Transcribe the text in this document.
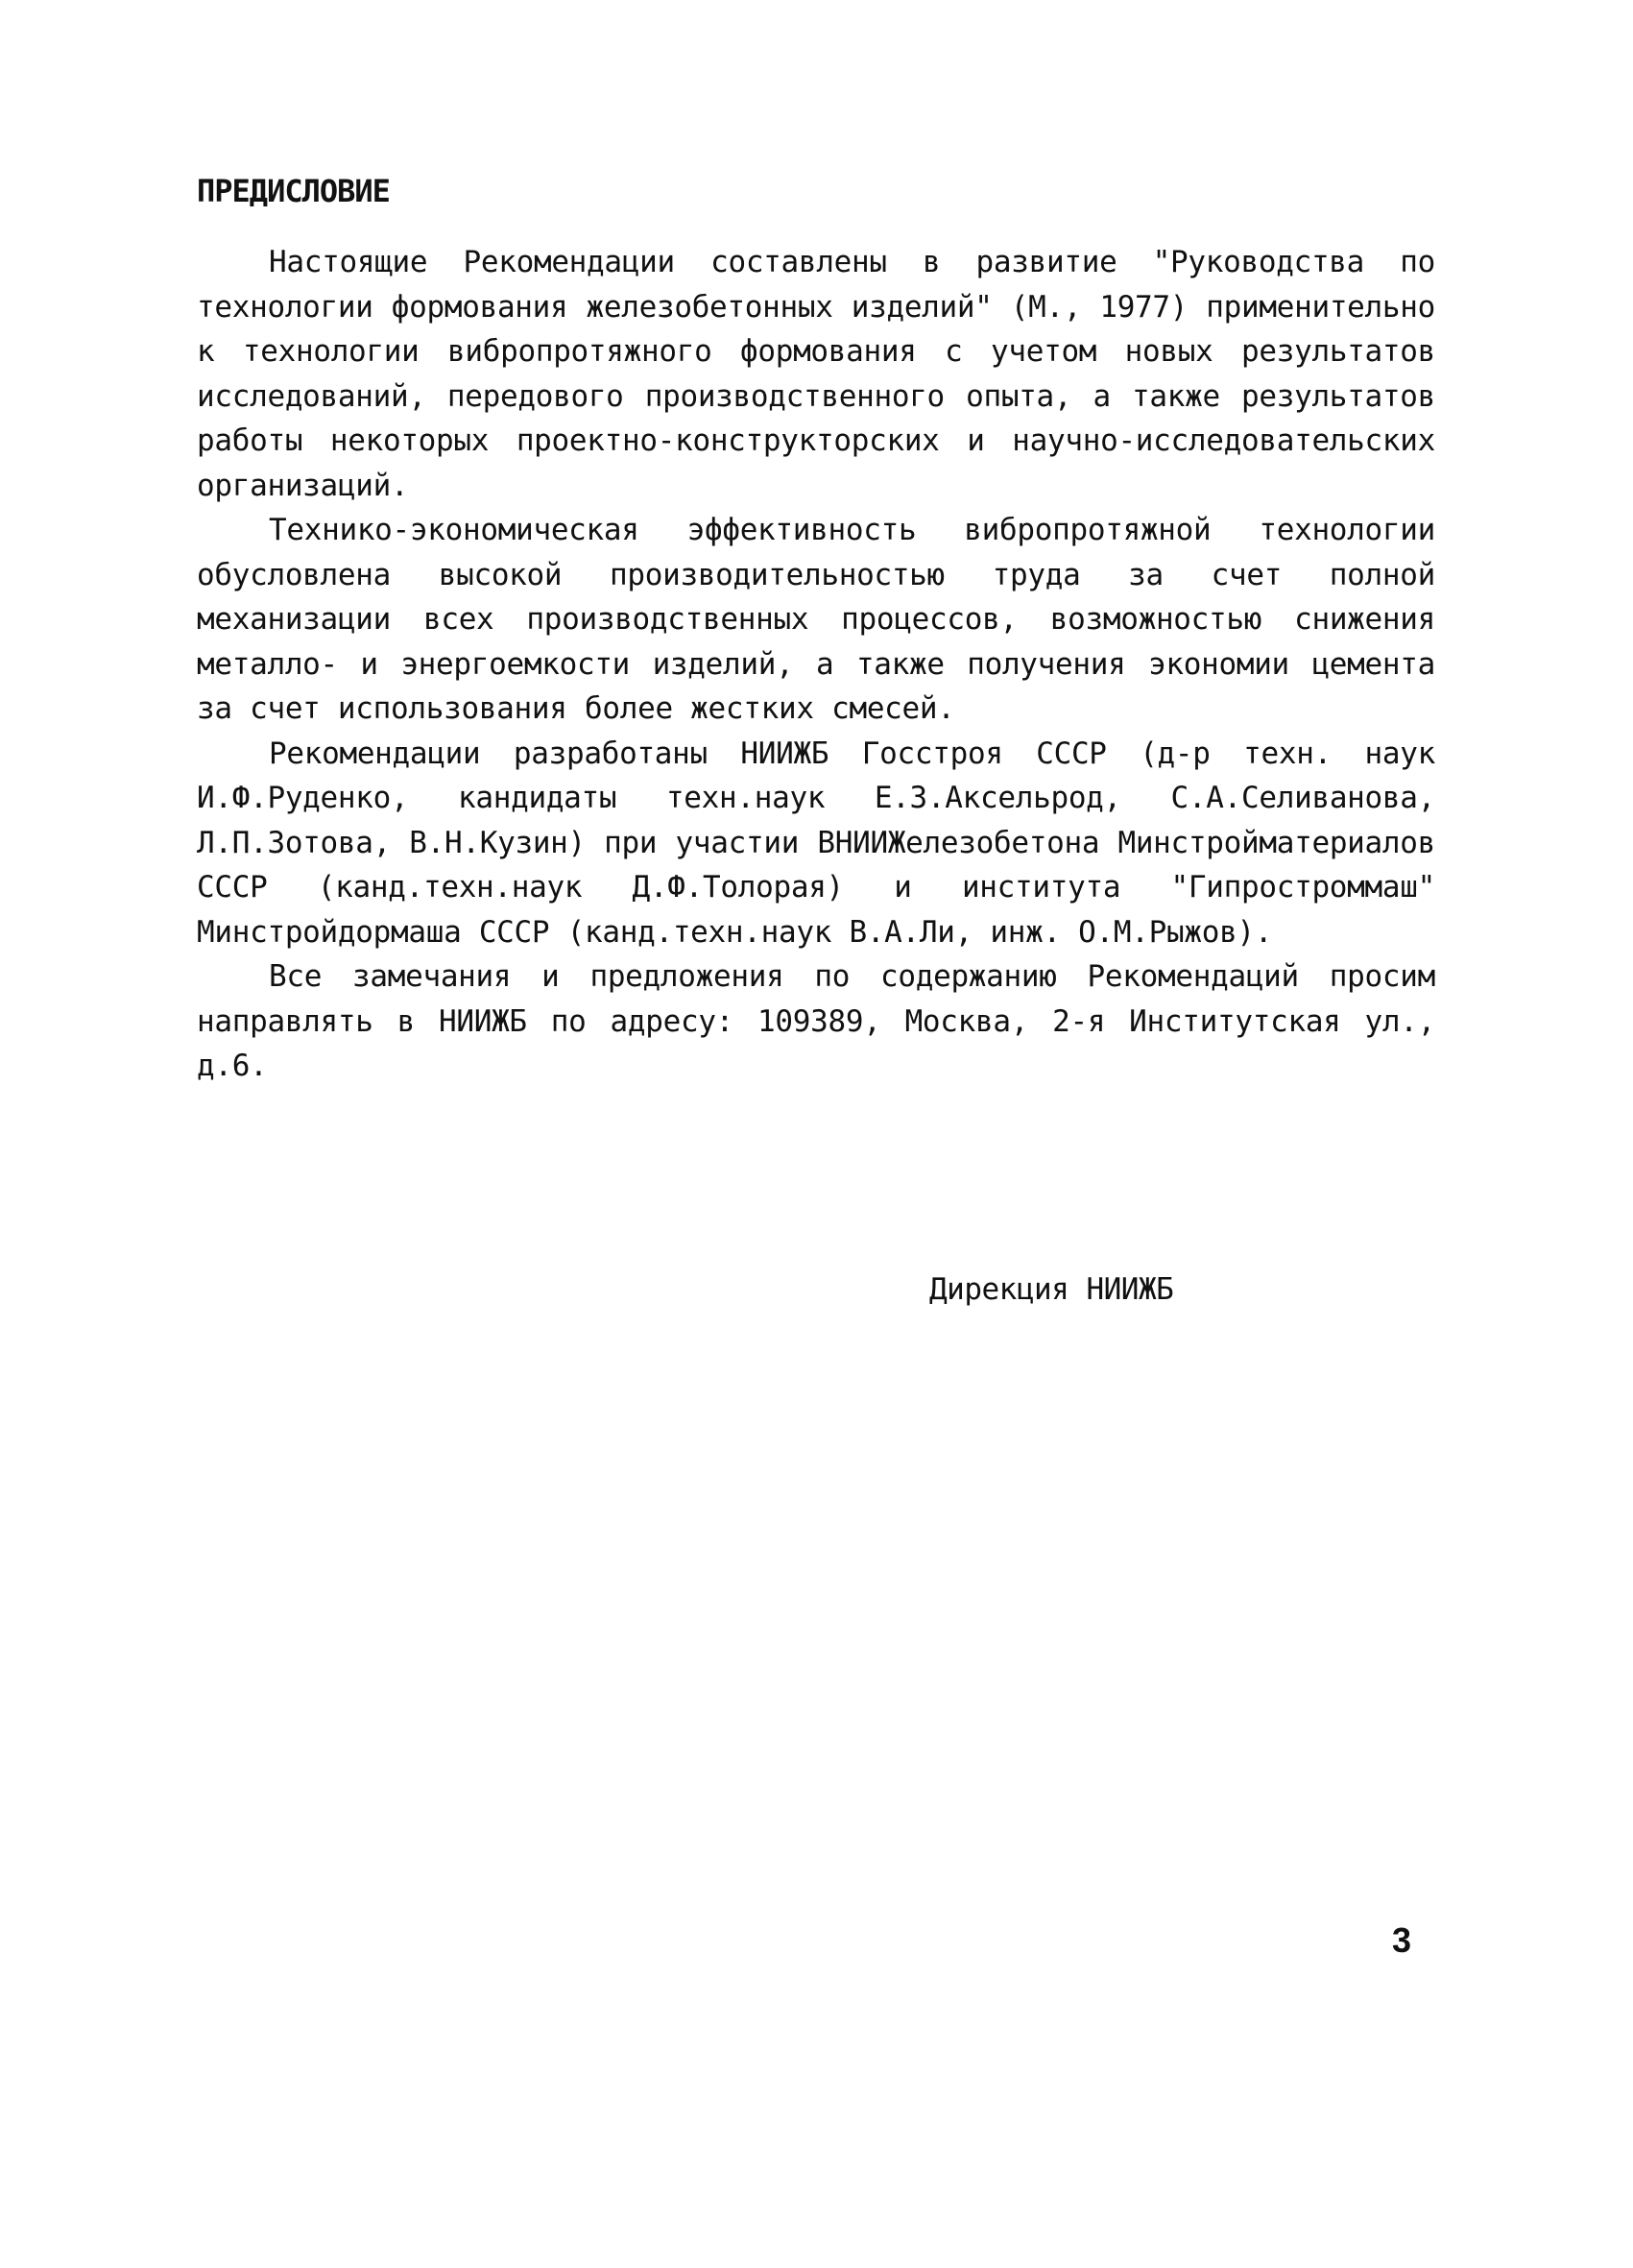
ПРЕДИСЛОВИЕ

Настоящие Рекомендации составлены в развитие "Руководства по технологии формования железобетонных изделий" (М., 1977) применительно к технологии вибропротяжного формования с учетом новых результатов исследований, передового производственного опыта, а также результатов работы некоторых проектно-конструкторских и научно-исследовательских организаций.

Технико-экономическая эффективность вибропротяжной технологии обусловлена высокой производительностью труда за счет полной механизации всех производственных процессов, возможностью снижения металло- и энергоемкости изделий, а также получения экономии цемента за счет использования более жестких смесей.

Рекомендации разработаны НИИЖБ Госстроя СССР (д-р техн. наук И.Ф.Руденко, кандидаты техн.наук Е.З.Аксельрод, С.А.Селиванова, Л.П.Зотова, В.Н.Кузин) при участии ВНИИЖелезобетона Минстройматериалов СССР (канд.техн.наук Д.Ф.Толорая) и института "Гипростроммаш" Минстройдормаша СССР (канд.техн.наук В.А.Ли, инж. О.М.Рыжов).

Все замечания и предложения по содержанию Рекомендаций просим направлять в НИИЖБ по адресу: 109389, Москва, 2-я Институтская ул., д.6.

Дирекция НИИЖБ

3
